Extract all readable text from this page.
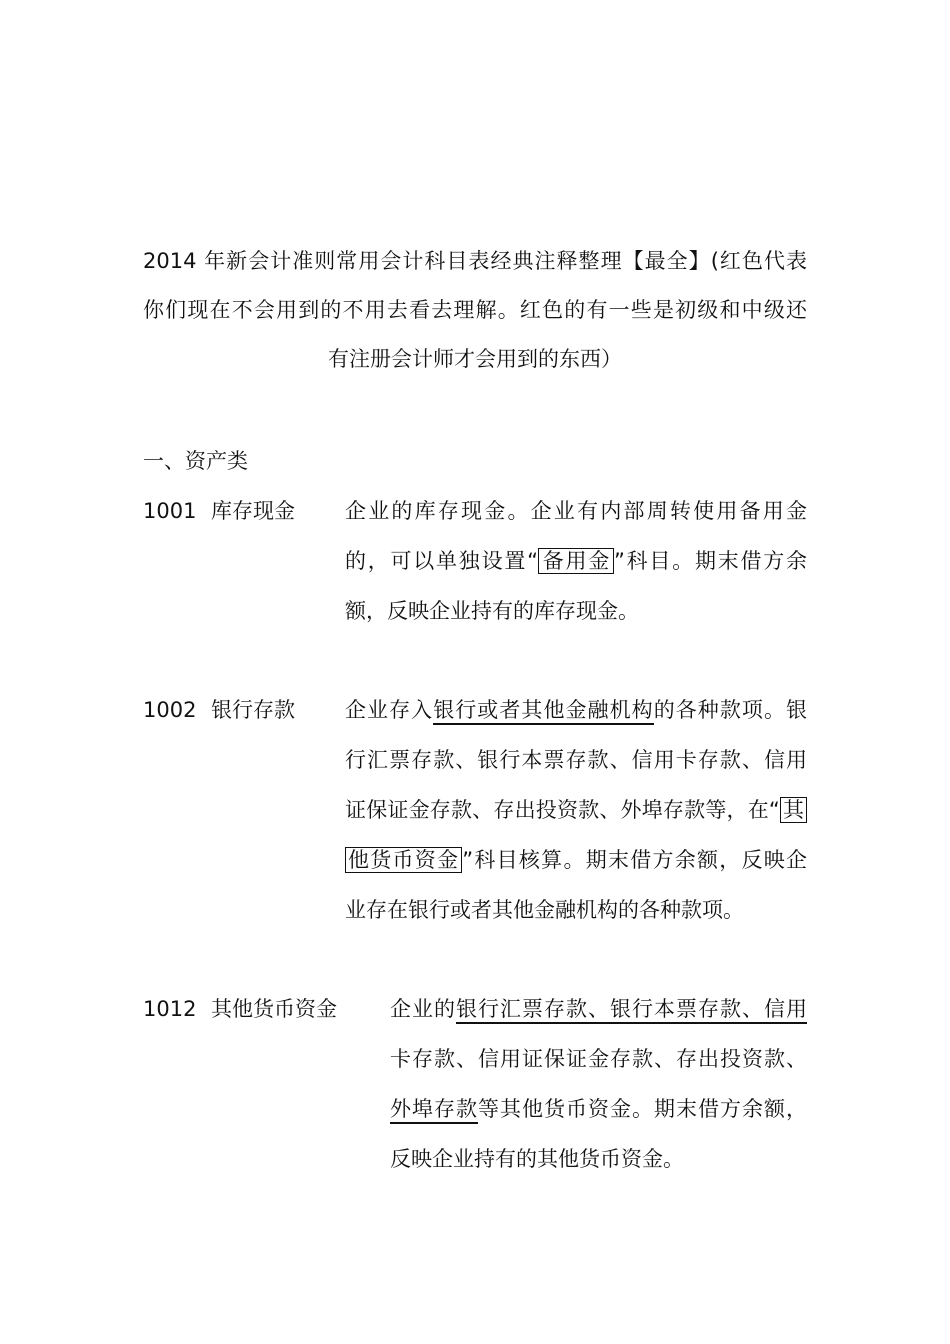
2014 年新会计准则常用会计科目表经典注释整理【最全】(红色代表
你们现在不会用到的不用去看去理解。红色的有一些是初级和中级还
有注册会计师才会用到的东西）
一、资产类
1001 库存现金 企业的库存现金。企业有内部周转使用备用金
的，可以单独设置“ 备用金 ”科目。期末借方余
额，反映企业持有的库存现金。
1002 银行存款 企业存入银行或者其他金融机构的各种款项。银
行汇票存款、银行本票存款、信用卡存款、信用
证保证金存款、存出投资款、外埠存款等，在“ 其
他货币资金 ”科目核算。期末借方余额，反映企
业存在银行或者其他金融机构的各种款项。
1012 其他货币资金	企业的银行汇票存款、银行本票存款、信用
卡存款、信用证保证金存款、存出投资款、
外埠存款等其他货币资金。期末借方余额，
反映企业持有的其他货币资金。
